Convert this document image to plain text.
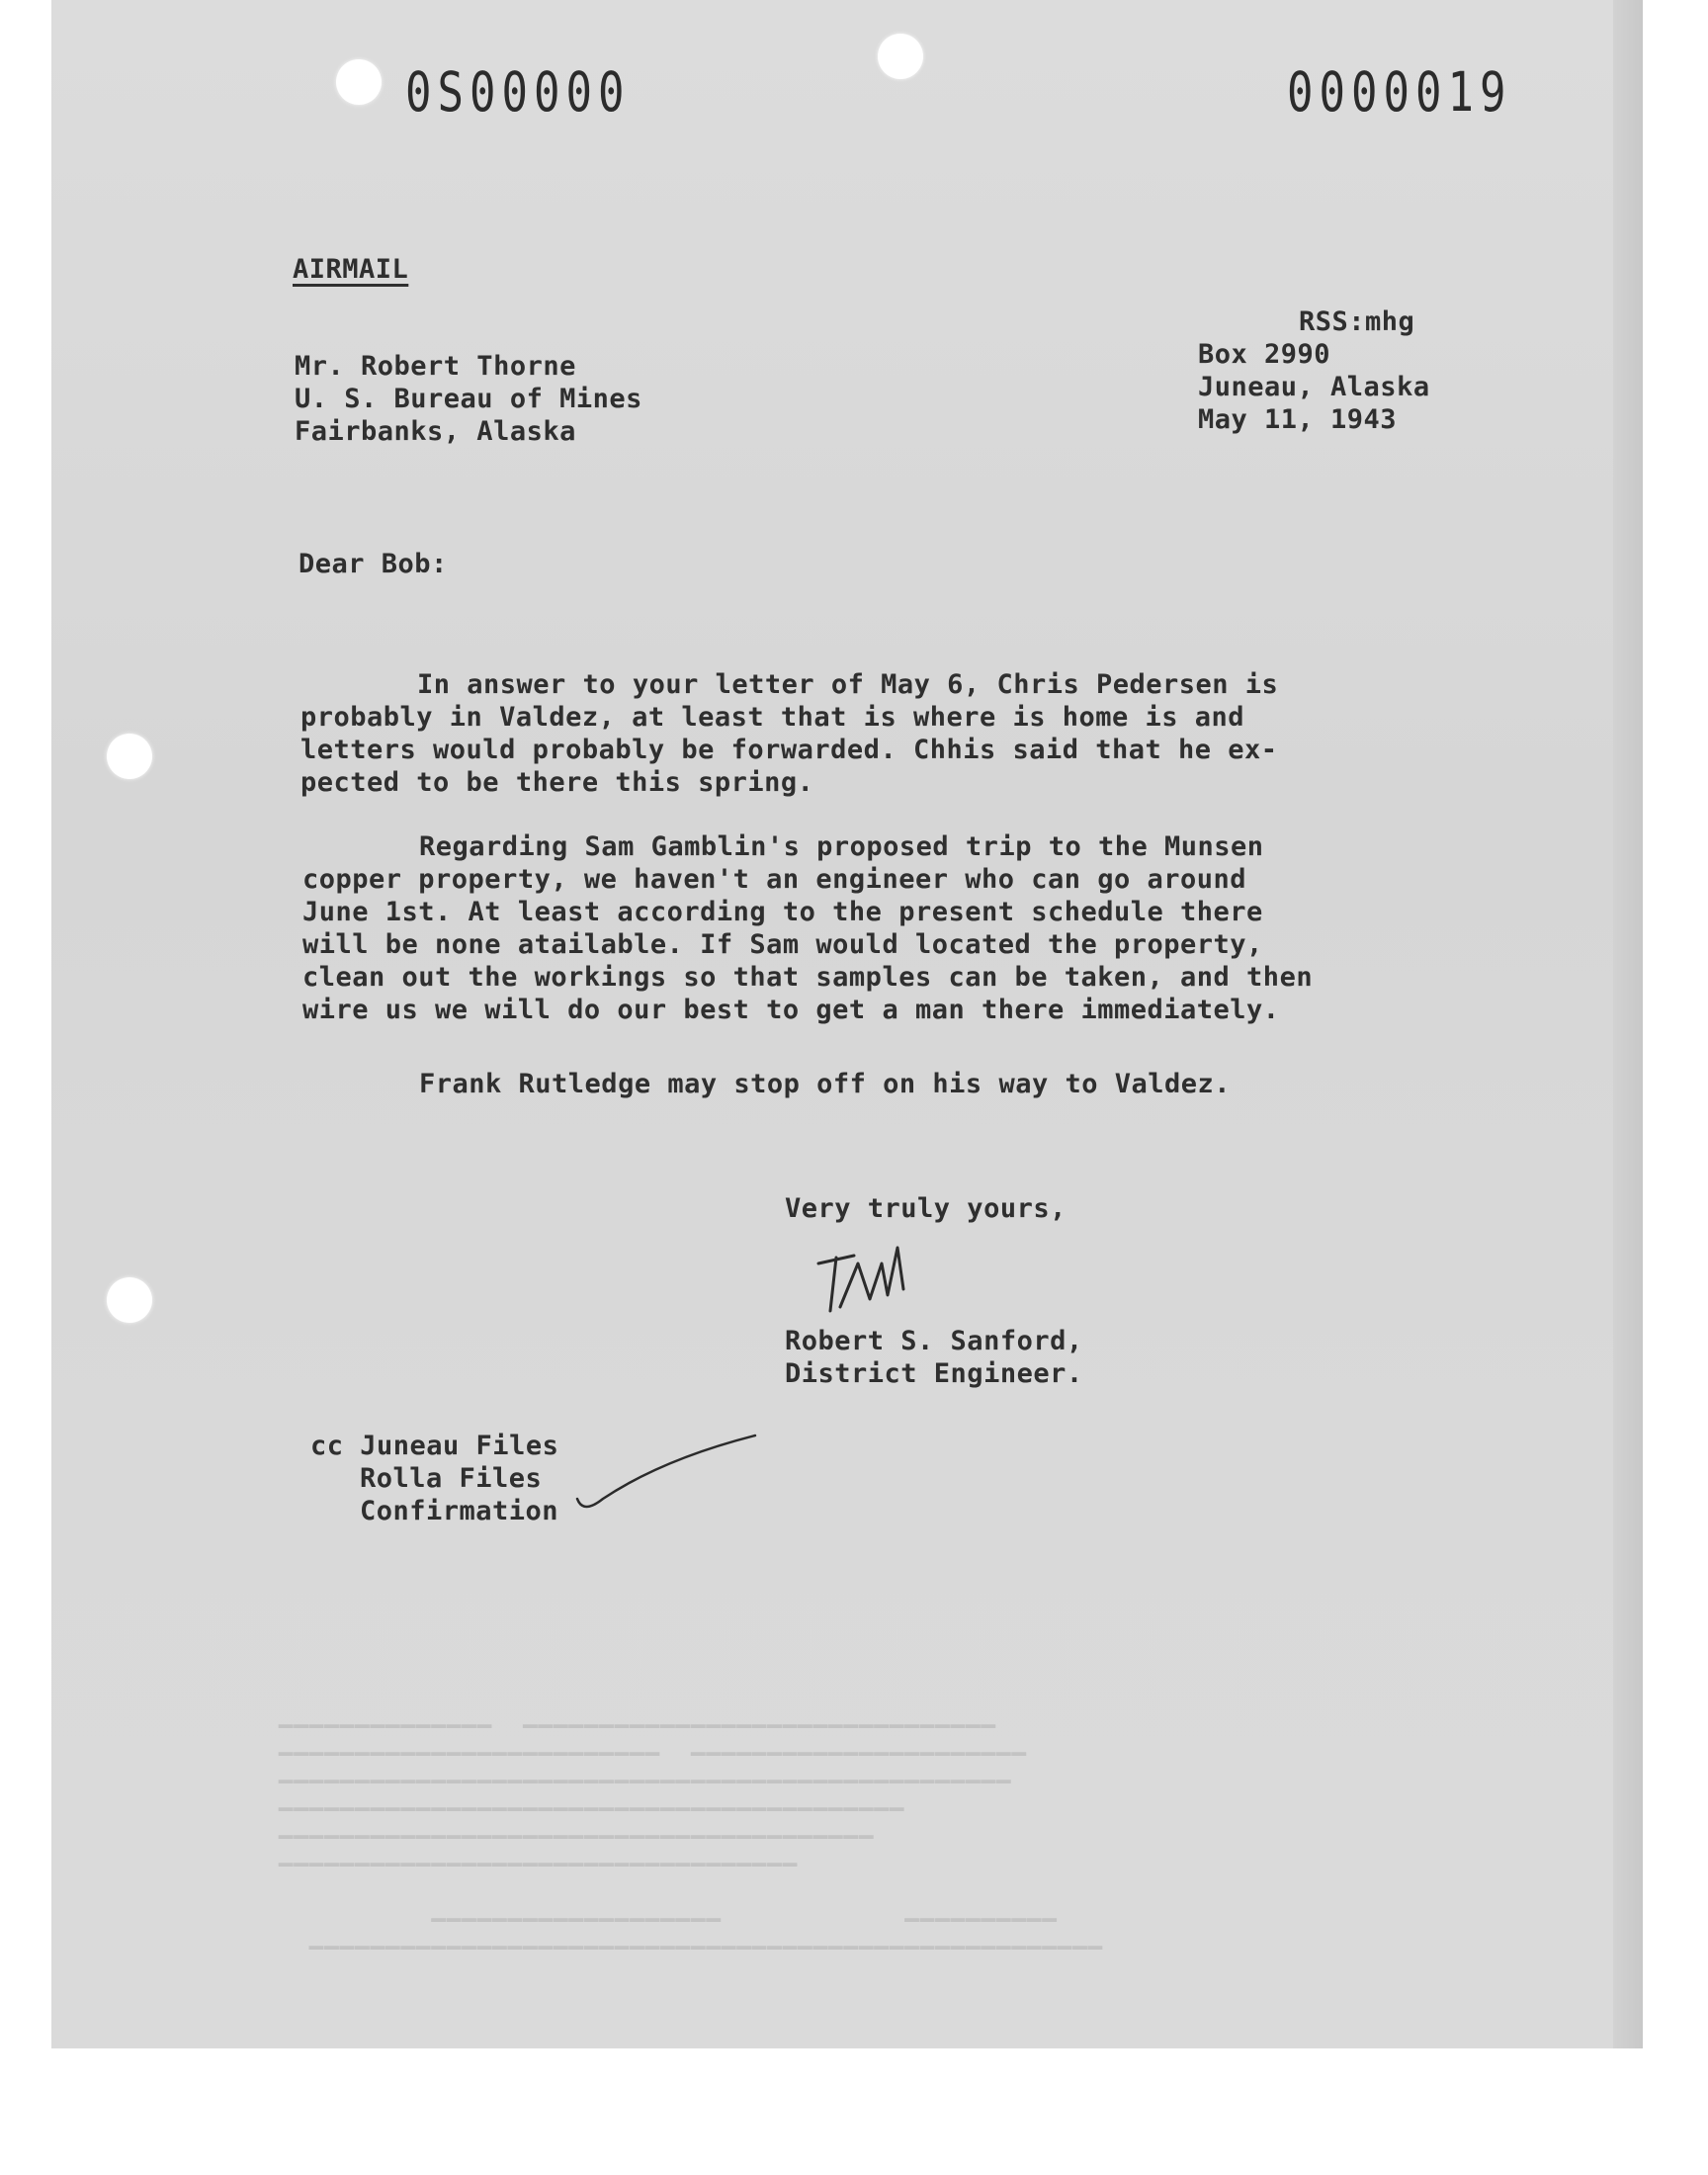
▁▁▁▁▁▁▁▁▁▁▁▁▁▁  ▁▁▁▁▁▁▁▁▁▁▁▁▁▁▁▁▁▁▁▁▁▁▁▁▁▁▁▁▁▁▁
▁▁▁▁▁▁▁▁▁▁▁▁▁▁▁▁▁▁▁▁▁▁▁▁▁  ▁▁▁▁▁▁▁▁▁▁▁▁▁▁▁▁▁▁▁▁▁▁
▁▁▁▁▁▁▁▁▁▁▁▁▁▁▁▁▁▁▁▁▁▁▁▁▁▁▁▁▁▁▁▁▁▁▁▁▁▁▁▁▁▁▁▁▁▁▁▁
▁▁▁▁▁▁▁▁▁▁▁▁▁▁▁▁▁▁▁▁▁▁▁▁▁▁▁▁▁▁▁▁▁▁▁▁▁▁▁▁▁
▁▁▁▁▁▁▁▁▁▁▁▁▁▁▁▁▁▁▁▁▁▁▁▁▁▁▁▁▁▁▁▁▁▁▁▁▁▁▁
▁▁▁▁▁▁▁▁▁▁▁▁▁▁▁▁▁▁▁▁▁▁▁▁▁▁▁▁▁▁▁▁▁▁

▁▁▁▁▁▁▁▁▁▁▁▁▁▁▁▁▁▁▁            ▁▁▁▁▁▁▁▁▁▁
▁▁▁▁▁▁▁▁▁▁▁▁▁▁▁▁▁▁▁▁▁▁▁▁▁▁▁▁▁▁▁▁▁▁▁▁▁▁▁▁▁▁▁▁▁▁▁▁▁▁▁▁
0S00000	0000019
AIRMAIL
RSS:mhg
Box 2990
Juneau, Alaska
May 11, 1943
Mr. Robert Thorne
U. S. Bureau of Mines
Fairbanks, Alaska
Dear Bob:

In answer to your letter of May 6, Chris Pedersen is

probably in Valdez, at least that is where is home is and

letters would probably be forwarded. Chhis said that he ex-

pected to be there this spring.

Regarding Sam Gamblin's proposed trip to the Munsen

copper property, we haven't an engineer who can go around

June 1st. At least according to the present schedule there

will be none atailable. If Sam would located the property,

clean out the workings so that samples can be taken, and then

wire us we will do our best to get a man there immediately.

Frank Rutledge may stop off on his way to Valdez.
Very truly yours,
Robert S. Sanford,
District Engineer.
cc Juneau Files
Rolla Files
Confirmation
